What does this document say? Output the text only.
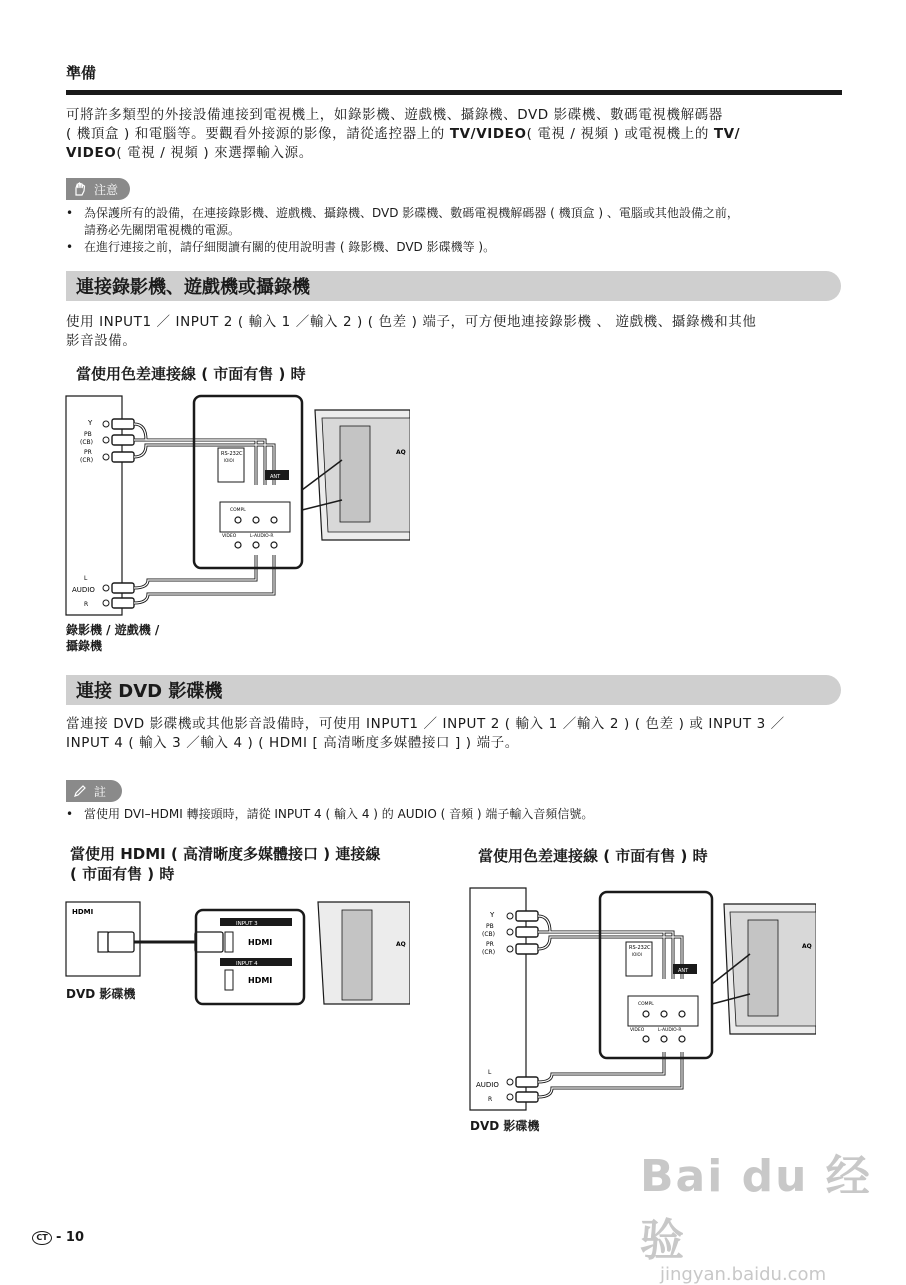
準備
可將許多類型的外接設備連接到電視機上，如錄影機、遊戲機、攝錄機、DVD 影碟機、數碼電視機解碼器
( 機頂盒 ) 和電腦等。要觀看外接源的影像，請從遙控器上的 TV/VIDEO( 電視 / 視頻 ) 或電視機上的 TV/
VIDEO( 電視 / 視頻 ) 來選擇輸入源。
注意
• 為保護所有的設備，在連接錄影機、遊戲機、攝錄機、DVD 影碟機、數碼電視機解碼器 ( 機頂盒 ) 、電腦或其他設備之前，
請務必先關閉電視機的電源。
• 在進行連接之前，請仔細閱讀有關的使用說明書 ( 錄影機、DVD 影碟機等 )。
連接錄影機、遊戲機或攝錄機
使用 INPUT1 ／ INPUT 2 ( 輸入 1 ／輸入 2 ) ( 色差 ) 端子，可方便地連接錄影機 、 遊戲機、攝錄機和其他
影音設備。
當使用色差連接線 ( 市面有售 ) 時
Y
PB
(CB)
PR
(CR)
L
AUDIO
R
RS-232C
IOIOI
ANT
COMPL
VIDEO	L-AUDIO-R
AQ
錄影機 / 遊戲機 /
攝錄機
連接 DVD 影碟機
當連接 DVD 影碟機或其他影音設備時，可使用 INPUT1 ／ INPUT 2 ( 輸入 1 ／輸入 2 ) ( 色差 ) 或 INPUT 3 ／
INPUT 4 ( 輸入 3 ／輸入 4 ) ( HDMI [ 高清晰度多媒體接口 ] ) 端子。
註
• 當使用 DVI–HDMI 轉接頭時，請從 INPUT 4 ( 輸入 4 ) 的 AUDIO ( 音頻 ) 端子輸入音頻信號。
當使用 HDMI ( 高清晰度多媒體接口 ) 連接線
( 市面有售 ) 時
HDMI
INPUT 3
HDMI
INPUT 4
HDMI
AQ
DVD 影碟機
當使用色差連接線 ( 市面有售 ) 時
Y
PB
(CB)
PR
(CR)
L
AUDIO
R
RS-232C
IOIOI
ANT
COMPL
VIDEO	L-AUDIO-R
AQ
DVD 影碟機
Bai du 经验
jingyan.baidu.com
CT - 10
